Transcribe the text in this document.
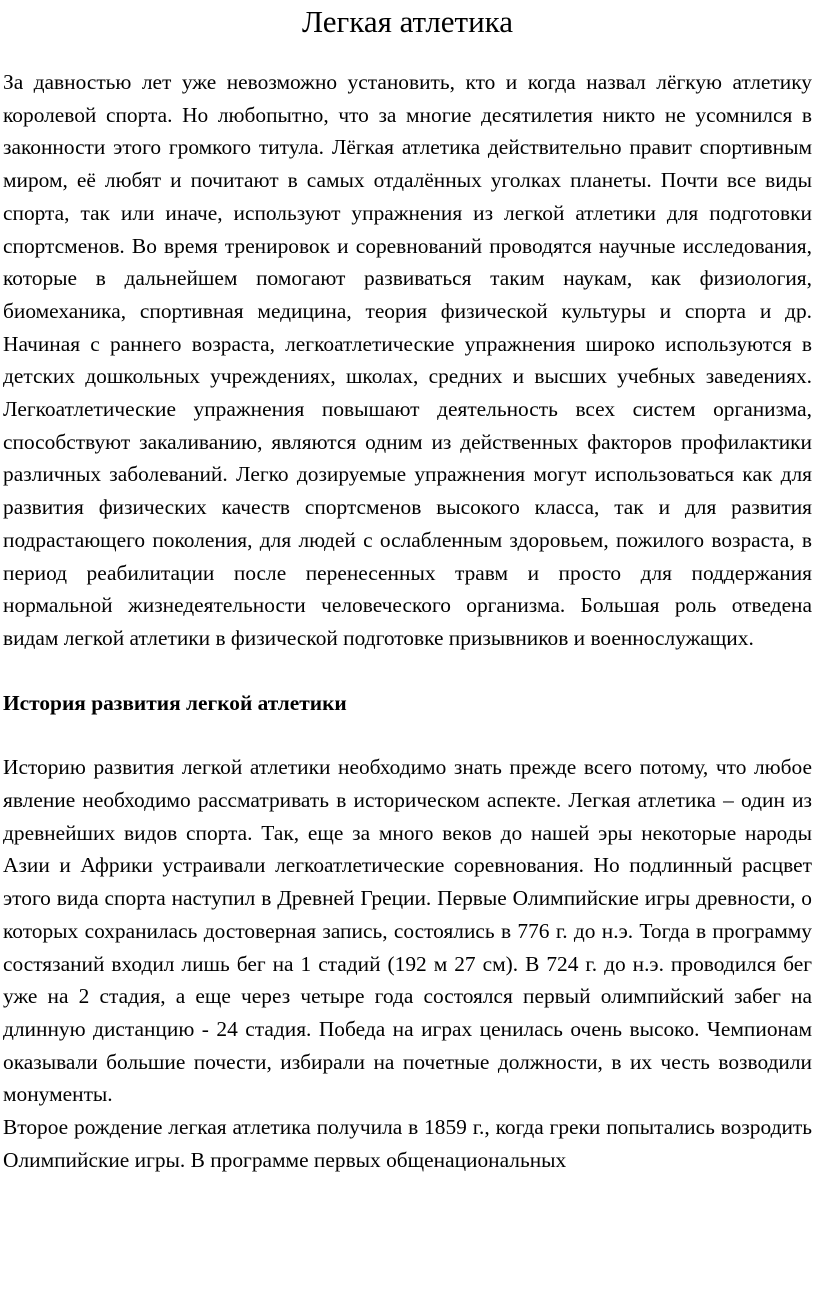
Легкая атлетика

За давностью лет уже невозможно установить, кто и когда назвал лёгкую атлетику королевой спорта. Но любопытно, что за многие десятилетия никто не усомнился в законности этого громкого титула. Лёгкая атлетика действительно правит спортивным миром, её любят и почитают в самых отдалённых уголках планеты. Почти все виды спорта, так или иначе, используют упражнения из легкой атлетики для подготовки спортсменов. Во время тренировок и соревнований проводятся научные исследования, которые в дальнейшем помогают развиваться таким наукам, как физиология, биомеханика, спортивная медицина, теория физической культуры и спорта и др. Начиная с раннего возраста, легкоатлетические упражнения широко используются в детских дошкольных учреждениях, школах, средних и высших учебных заведениях. Легкоатлетические упражнения повышают деятельность всех систем организма, способствуют закаливанию, являются одним из действенных факторов профилактики различных заболеваний. Легко дозируемые упражнения могут использоваться как для развития физических качеств спортсменов высокого класса, так и для развития подрастающего поколения, для людей с ослабленным здоровьем, пожилого возраста, в период реабилитации после перенесенных травм и просто для поддержания нормальной жизнедеятельности человеческого организма. Большая роль отведена видам легкой атлетики в физической подготовке призывников и военнослужащих.

История развития легкой атлетики

Историю развития легкой атлетики необходимо знать прежде всего потому, что любое явление необходимо рассматривать в историческом аспекте. Легкая атлетика – один из древнейших видов спорта. Так, еще за много веков до нашей эры некоторые народы Азии и Африки устраивали легкоатлетические соревнования. Но подлинный расцвет этого вида спорта наступил в Древней Греции. Первые Олимпийские игры древности, о которых сохранилась достоверная запись, состоялись в 776 г. до н.э. Тогда в программу состязаний входил лишь бег на 1 стадий (192 м 27 см). В 724 г. до н.э. проводился бег уже на 2 стадия, а еще через четыре года состоялся первый олимпийский забег на длинную дистанцию - 24 стадия. Победа на играх ценилась очень высоко. Чемпионам оказывали большие почести, избирали на почетные должности, в их честь возводили монументы.

Второе рождение легкая атлетика получила в 1859 г., когда греки попытались возродить Олимпийские игры. В программе первых общенациональных
